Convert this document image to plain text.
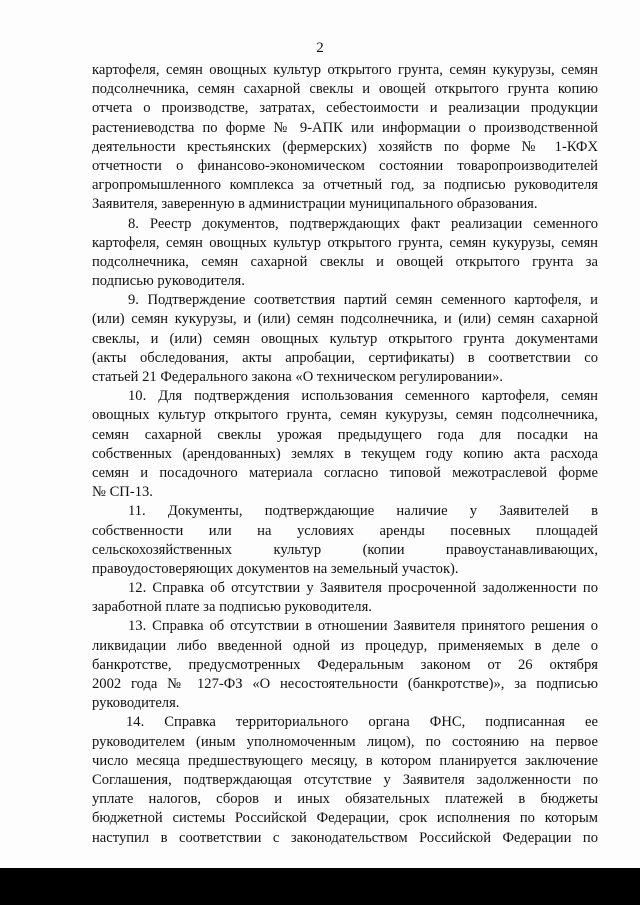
2
картофеля, семян овощных культур открытого грунта, семян кукурузы, семян
подсолнечника, семян сахарной свеклы и овощей открытого грунта копию
отчета о производстве, затратах, себестоимости и реализации продукции
растениеводства по форме № 9-АПК или информации о производственной
деятельности крестьянских (фермерских) хозяйств по форме № 1-КФХ
отчетности о финансово-экономическом состоянии товаропроизводителей
агропромышленного комплекса за отчетный год, за подписью руководителя
Заявителя, заверенную в администрации муниципального образования.
8. Реестр документов, подтверждающих факт реализации семенного
картофеля, семян овощных культур открытого грунта, семян кукурузы, семян
подсолнечника, семян сахарной свеклы и овощей открытого грунта за
подписью руководителя.
9. Подтверждение соответствия партий семян семенного картофеля, и
(или) семян кукурузы, и (или) семян подсолнечника, и (или) семян сахарной
свеклы, и (или) семян овощных культур открытого грунта документами
(акты обследования, акты апробации, сертификаты) в соответствии со
статьей 21 Федерального закона «О техническом регулировании».
10. Для подтверждения использования семенного картофеля, семян
овощных культур открытого грунта, семян кукурузы, семян подсолнечника,
семян сахарной свеклы урожая предыдущего года для посадки на
собственных (арендованных) землях в текущем году копию акта расхода
семян и посадочного материала согласно типовой межотраслевой форме
№ СП-13.
11. Документы, подтверждающие наличие у Заявителей в
собственности или на условиях аренды посевных площадей
сельскохозяйственных культур (копии правоустанавливающих,
правоудостоверяющих документов на земельный участок).
12. Справка об отсутствии у Заявителя просроченной задолженности по
заработной плате за подписью руководителя.
13. Справка об отсутствии в отношении Заявителя принятого решения о
ликвидации либо введенной одной из процедур, применяемых в деле о
банкротстве, предусмотренных Федеральным законом от 26 октября
2002 года № 127-ФЗ «О несостоятельности (банкротстве)», за подписью
руководителя.
14. Справка территориального органа ФНС, подписанная ее
руководителем (иным уполномоченным лицом), по состоянию на первое
число месяца предшествующего месяцу, в котором планируется заключение
Соглашения, подтверждающая отсутствие у Заявителя задолженности по
уплате налогов, сборов и иных обязательных платежей в бюджеты
бюджетной системы Российской Федерации, срок исполнения по которым
наступил в соответствии с законодательством Российской Федерации по
